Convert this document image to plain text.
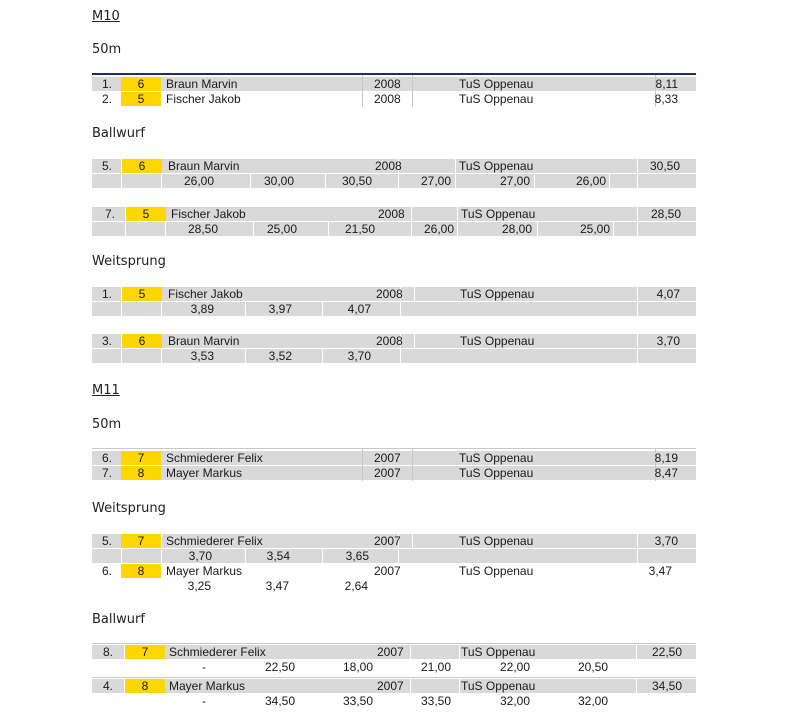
M10
50m
1.	6	Braun Marvin	2008	TuS Oppenau	8,11
2.	5	Fischer Jakob	2008	TuS Oppenau	8,33
Ballwurf
5.	6	Braun Marvin	2008	TuS Oppenau	30,50
26,00	30,00	30,50	27,00	27,00	26,00
7.	5	Fischer Jakob	2008	TuS Oppenau	28,50
28,50	25,00	21,50	26,00	28,00	25,00
Weitsprung
1.	5	Fischer Jakob	2008	TuS Oppenau	4,07
3,89	3,97	4,07
3.	6	Braun Marvin	2008	TuS Oppenau	3,70
3,53	3,52	3,70
M11
50m
6.	7	Schmiederer Felix	2007	TuS Oppenau	8,19
7.	8	Mayer Markus	2007	TuS Oppenau	8,47
Weitsprung
5.	7	Schmiederer Felix	2007	TuS Oppenau	3,70
3,70	3,54	3,65
6.	8	Mayer Markus	2007	TuS Oppenau	3,47
3,25	3,47	2,64
Ballwurf
8.	7	Schmiederer Felix	2007	TuS Oppenau	22,50
-	22,50	18,00	21,00	22,00	20,50
4.	8	Mayer Markus	2007	TuS Oppenau	34,50
-	34,50	33,50	33,50	32,00	32,00
